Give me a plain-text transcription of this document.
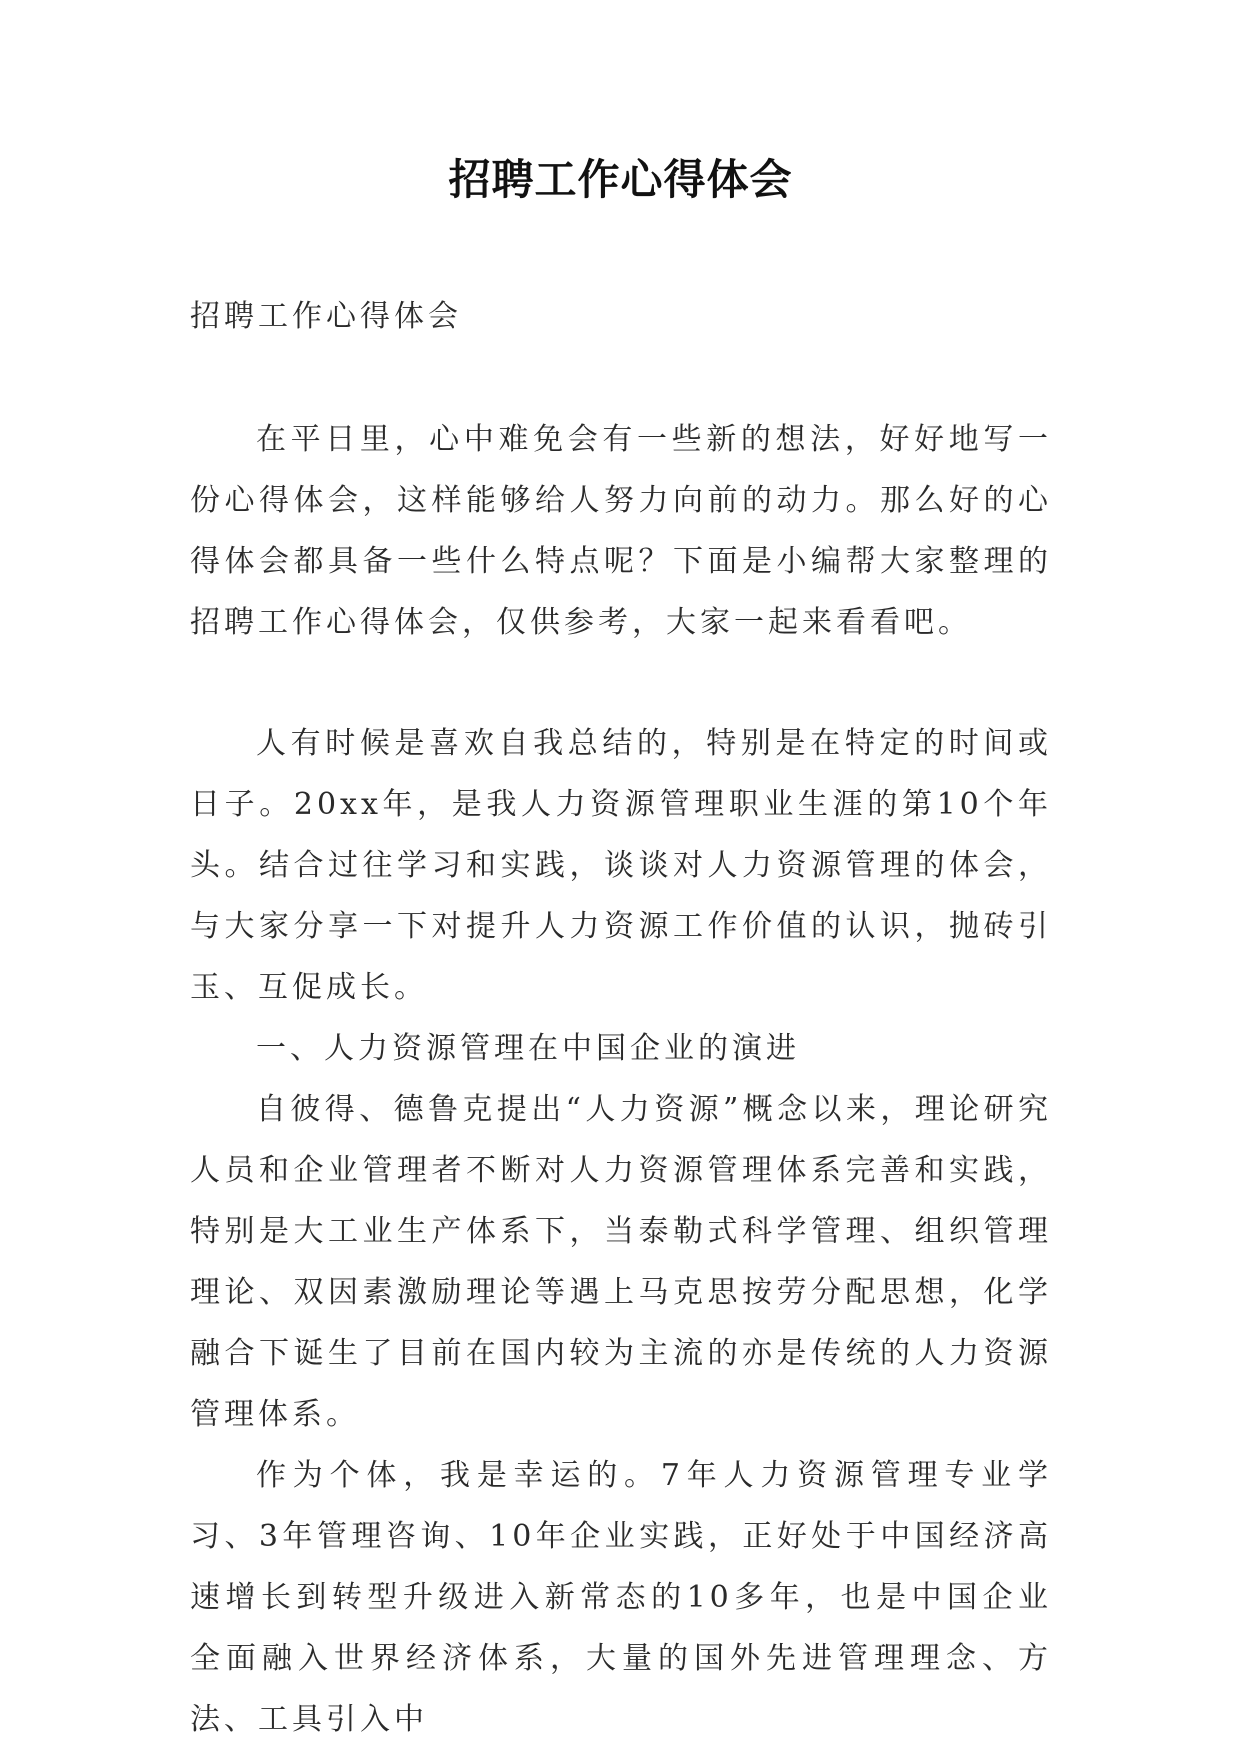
招聘工作心得体会

招聘工作心得体会

在平日里，心中难免会有一些新的想法，好好地写一份心得体会，这样能够给人努力向前的动力。那么好的心得体会都具备一些什么特点呢？下面是小编帮大家整理的招聘工作心得体会，仅供参考，大家一起来看看吧。

人有时候是喜欢自我总结的，特别是在特定的时间或日子。20xx年，是我人力资源管理职业生涯的第10个年头。结合过往学习和实践，谈谈对人力资源管理的体会，与大家分享一下对提升人力资源工作价值的认识，抛砖引玉、互促成长。

一、人力资源管理在中国企业的演进

自彼得、德鲁克提出“人力资源”概念以来，理论研究人员和企业管理者不断对人力资源管理体系完善和实践，特别是大工业生产体系下，当泰勒式科学管理、组织管理理论、双因素激励理论等遇上马克思按劳分配思想，化学融合下诞生了目前在国内较为主流的亦是传统的人力资源管理体系。

作为个体，我是幸运的。7年人力资源管理专业学习、3年管理咨询、10年企业实践，正好处于中国经济高速增长到转型升级进入新常态的10多年，也是中国企业全面融入世界经济体系，大量的国外先进管理理念、方法、工具引入中
